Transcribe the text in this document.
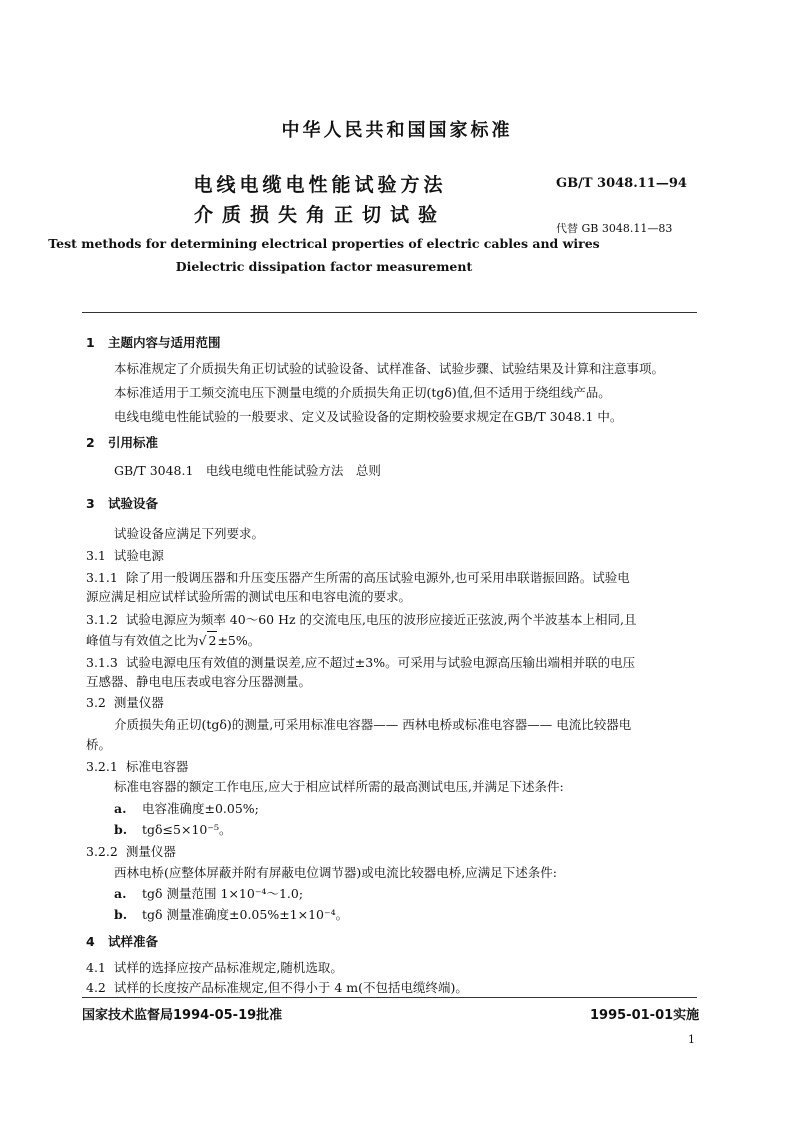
中华人民共和国国家标准
电线电缆电性能试验方法
介质损失角正切试验
GB/T 3048.11—94
代替 GB 3048.11—83
Test methods for determining electrical properties of electric cables and wires
Dielectric dissipation factor measurement
1 主题内容与适用范围
本标准规定了介质损失角正切试验的试验设备、试样准备、试验步骤、试验结果及计算和注意事项。
本标准适用于工频交流电压下测量电缆的介质损失角正切(tgδ)值,但不适用于绕组线产品。
电线电缆电性能试验的一般要求、定义及试验设备的定期校验要求规定在GB/T 3048.1 中。
2 引用标准
GB/T 3048.1　电线电缆电性能试验方法　总则
3 试验设备
试验设备应满足下列要求。
3.1 试验电源
3.1.1 除了用一般调压器和升压变压器产生所需的高压试验电源外,也可采用串联谐振回路。试验电
源应满足相应试样试验所需的测试电压和电容电流的要求。
3.1.2 试验电源应为频率 40～60 Hz 的交流电压,电压的波形应接近正弦波,两个半波基本上相同,且
峰值与有效值之比为√ 2±5%。
3.1.3 试验电源电压有效值的测量误差,应不超过±3%。可采用与试验电源高压输出端相并联的电压
互感器、静电电压表或电容分压器测量。
3.2 测量仪器
介质损失角正切(tgδ)的测量,可采用标准电容器—— 西林电桥或标准电容器—— 电流比较器电
桥。
3.2.1 标准电容器
标准电容器的额定工作电压,应大于相应试样所需的最高测试电压,并满足下述条件:
a. 电容准确度±0.05%;
b. tgδ≤5×10⁻⁵。
3.2.2 测量仪器
西林电桥(应整体屏蔽并附有屏蔽电位调节器)或电流比较器电桥,应满足下述条件:
a. tgδ 测量范围 1×10⁻⁴～1.0;
b. tgδ 测量准确度±0.05%±1×10⁻⁴。
4 试样准备
4.1 试样的选择应按产品标准规定,随机选取。
4.2 试样的长度按产品标准规定,但不得小于 4 m(不包括电缆终端)。
国家技术监督局1994-05-19批准	1995-01-01实施
1
